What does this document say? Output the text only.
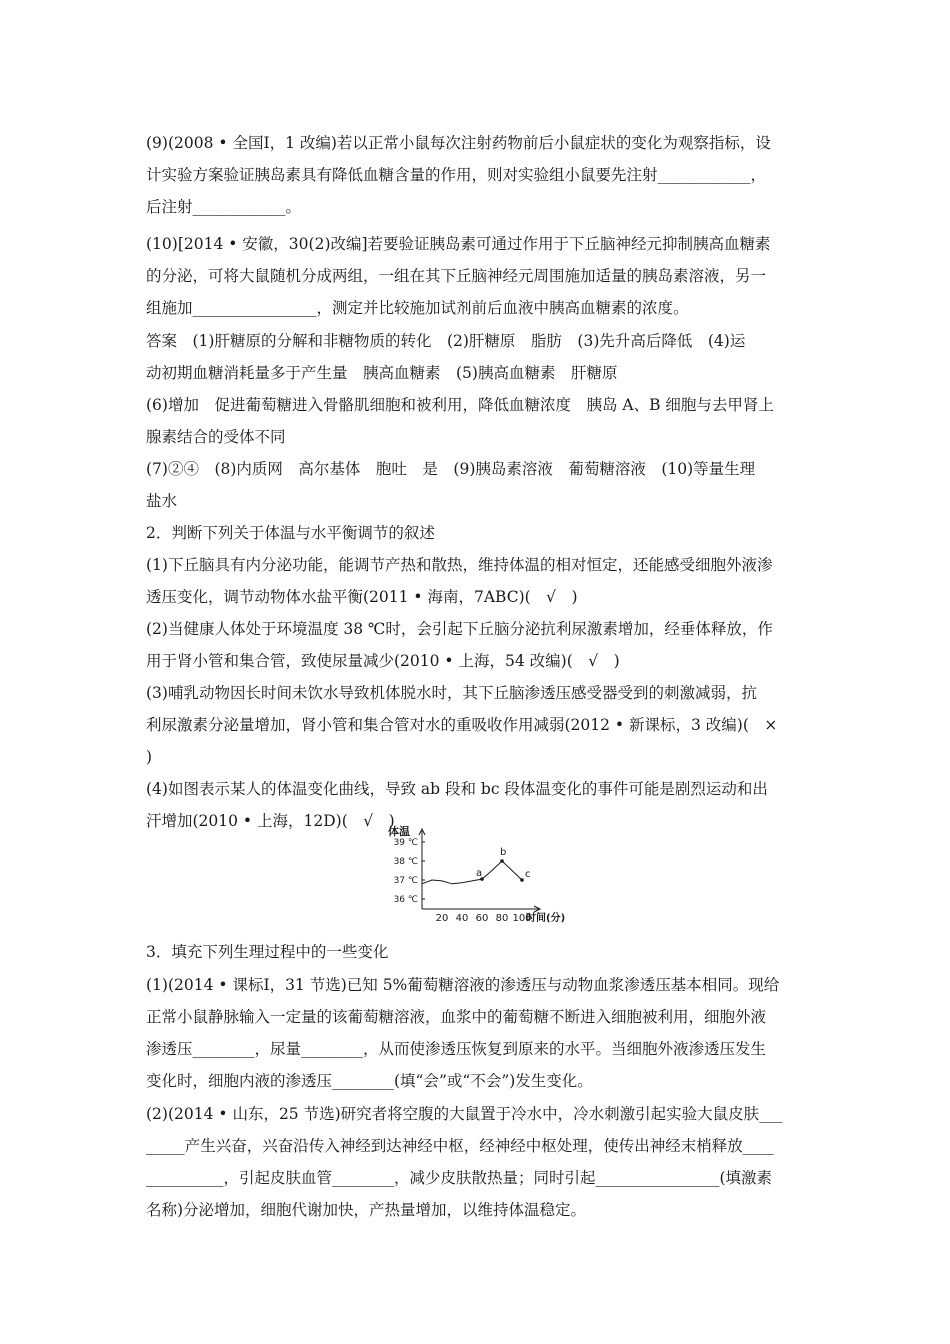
(9)(2008 • 全国Ⅰ，1 改编)若以正常小鼠每次注射药物前后小鼠症状的变化为观察指标，设
计实验方案验证胰岛素具有降低血糖含量的作用，则对实验组小鼠要先注射____________，
后注射____________。
(10)[2014 • 安徽，30(2)改编]若要验证胰岛素可通过作用于下丘脑神经元抑制胰高血糖素
的分泌，可将大鼠随机分成两组，一组在其下丘脑神经元周围施加适量的胰岛素溶液，另一
组施加________________，测定并比较施加试剂前后血液中胰高血糖素的浓度。
答案　(1)肝糖原的分解和非糖物质的转化　(2)肝糖原　脂肪　(3)先升高后降低　(4)运
动初期血糖消耗量多于产生量　胰高血糖素　(5)胰高血糖素　肝糖原
(6)增加　促进葡萄糖进入骨骼肌细胞和被利用，降低血糖浓度　胰岛 A、B 细胞与去甲肾上
腺素结合的受体不同
(7)②④　(8)内质网　高尔基体　胞吐　是　(9)胰岛素溶液　葡萄糖溶液　(10)等量生理
盐水
2．判断下列关于体温与水平衡调节的叙述
(1)下丘脑具有内分泌功能，能调节产热和散热，维持体温的相对恒定，还能感受细胞外液渗
透压变化，调节动物体水盐平衡(2011 • 海南，7ABC)(　√　)
(2)当健康人体处于环境温度 38 ℃时，会引起下丘脑分泌抗利尿激素增加，经垂体释放，作
用于肾小管和集合管，致使尿量减少(2010 • 上海，54 改编)(　√　)
(3)哺乳动物因长时间未饮水导致机体脱水时，其下丘脑渗透压感受器受到的刺激减弱，抗
利尿激素分泌量增加，肾小管和集合管对水的重吸收作用减弱(2012 • 新课标，3 改编)(　×
)
(4)如图表示某人的体温变化曲线，导致 ab 段和 bc 段体温变化的事件可能是剧烈运动和出
汗增加(2010 • 上海，12D)(　√　)
体温
39 ℃
38 ℃
37 ℃
36 ℃
20 40 60 80 100
时间(分)
a
b
c
3．填充下列生理过程中的一些变化
(1)(2014 • 课标Ⅰ，31 节选)已知 5%葡萄糖溶液的渗透压与动物血浆渗透压基本相同。现给
正常小鼠静脉输入一定量的该葡萄糖溶液，血浆中的葡萄糖不断进入细胞被利用，细胞外液
渗透压________，尿量________，从而使渗透压恢复到原来的水平。当细胞外液渗透压发生
变化时，细胞内液的渗透压________(填“会”或“不会”)发生变化。
(2)(2014 • 山东，25 节选)研究者将空腹的大鼠置于冷水中，冷水刺激引起实验大鼠皮肤___
_____产生兴奋，兴奋沿传入神经到达神经中枢，经神经中枢处理，使传出神经末梢释放____
__________，引起皮肤血管________，减少皮肤散热量；同时引起________________(填激素
名称)分泌增加，细胞代谢加快，产热量增加，以维持体温稳定。
